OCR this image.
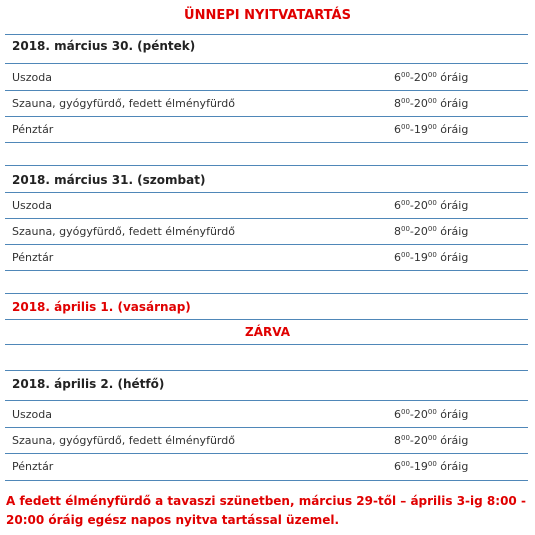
ÜNNEPI NYITVATARTÁS
2018. március 30. (péntek)
Uszoda	$6^{00}-20^{00}$ óráig
Szauna, gyógyfürdő, fedett élményfürdő	$8^{00}-20^{00}$ óráig
Pénztár	$6^{00}-19^{00}$ óráig
2018. március 31. (szombat)
Uszoda	$6^{00}-20^{00}$ óráig
Szauna, gyógyfürdő, fedett élményfürdő	$8^{00}-20^{00}$ óráig
Pénztár	$6^{00}-19^{00}$ óráig
2018. április 1. (vasárnap)
ZÁRVA
2018. április 2. (hétfő)
Uszoda	$6^{00}-20^{00}$ óráig
Szauna, gyógyfürdő, fedett élményfürdő	$8^{00}-20^{00}$ óráig
Pénztár	$6^{00}-19^{00}$ óráig
A fedett élményfürdő a tavaszi szünetben, március 29-től – április 3-ig 8:00 - 20:00 óráig egész napos nyitva tartással üzemel.
